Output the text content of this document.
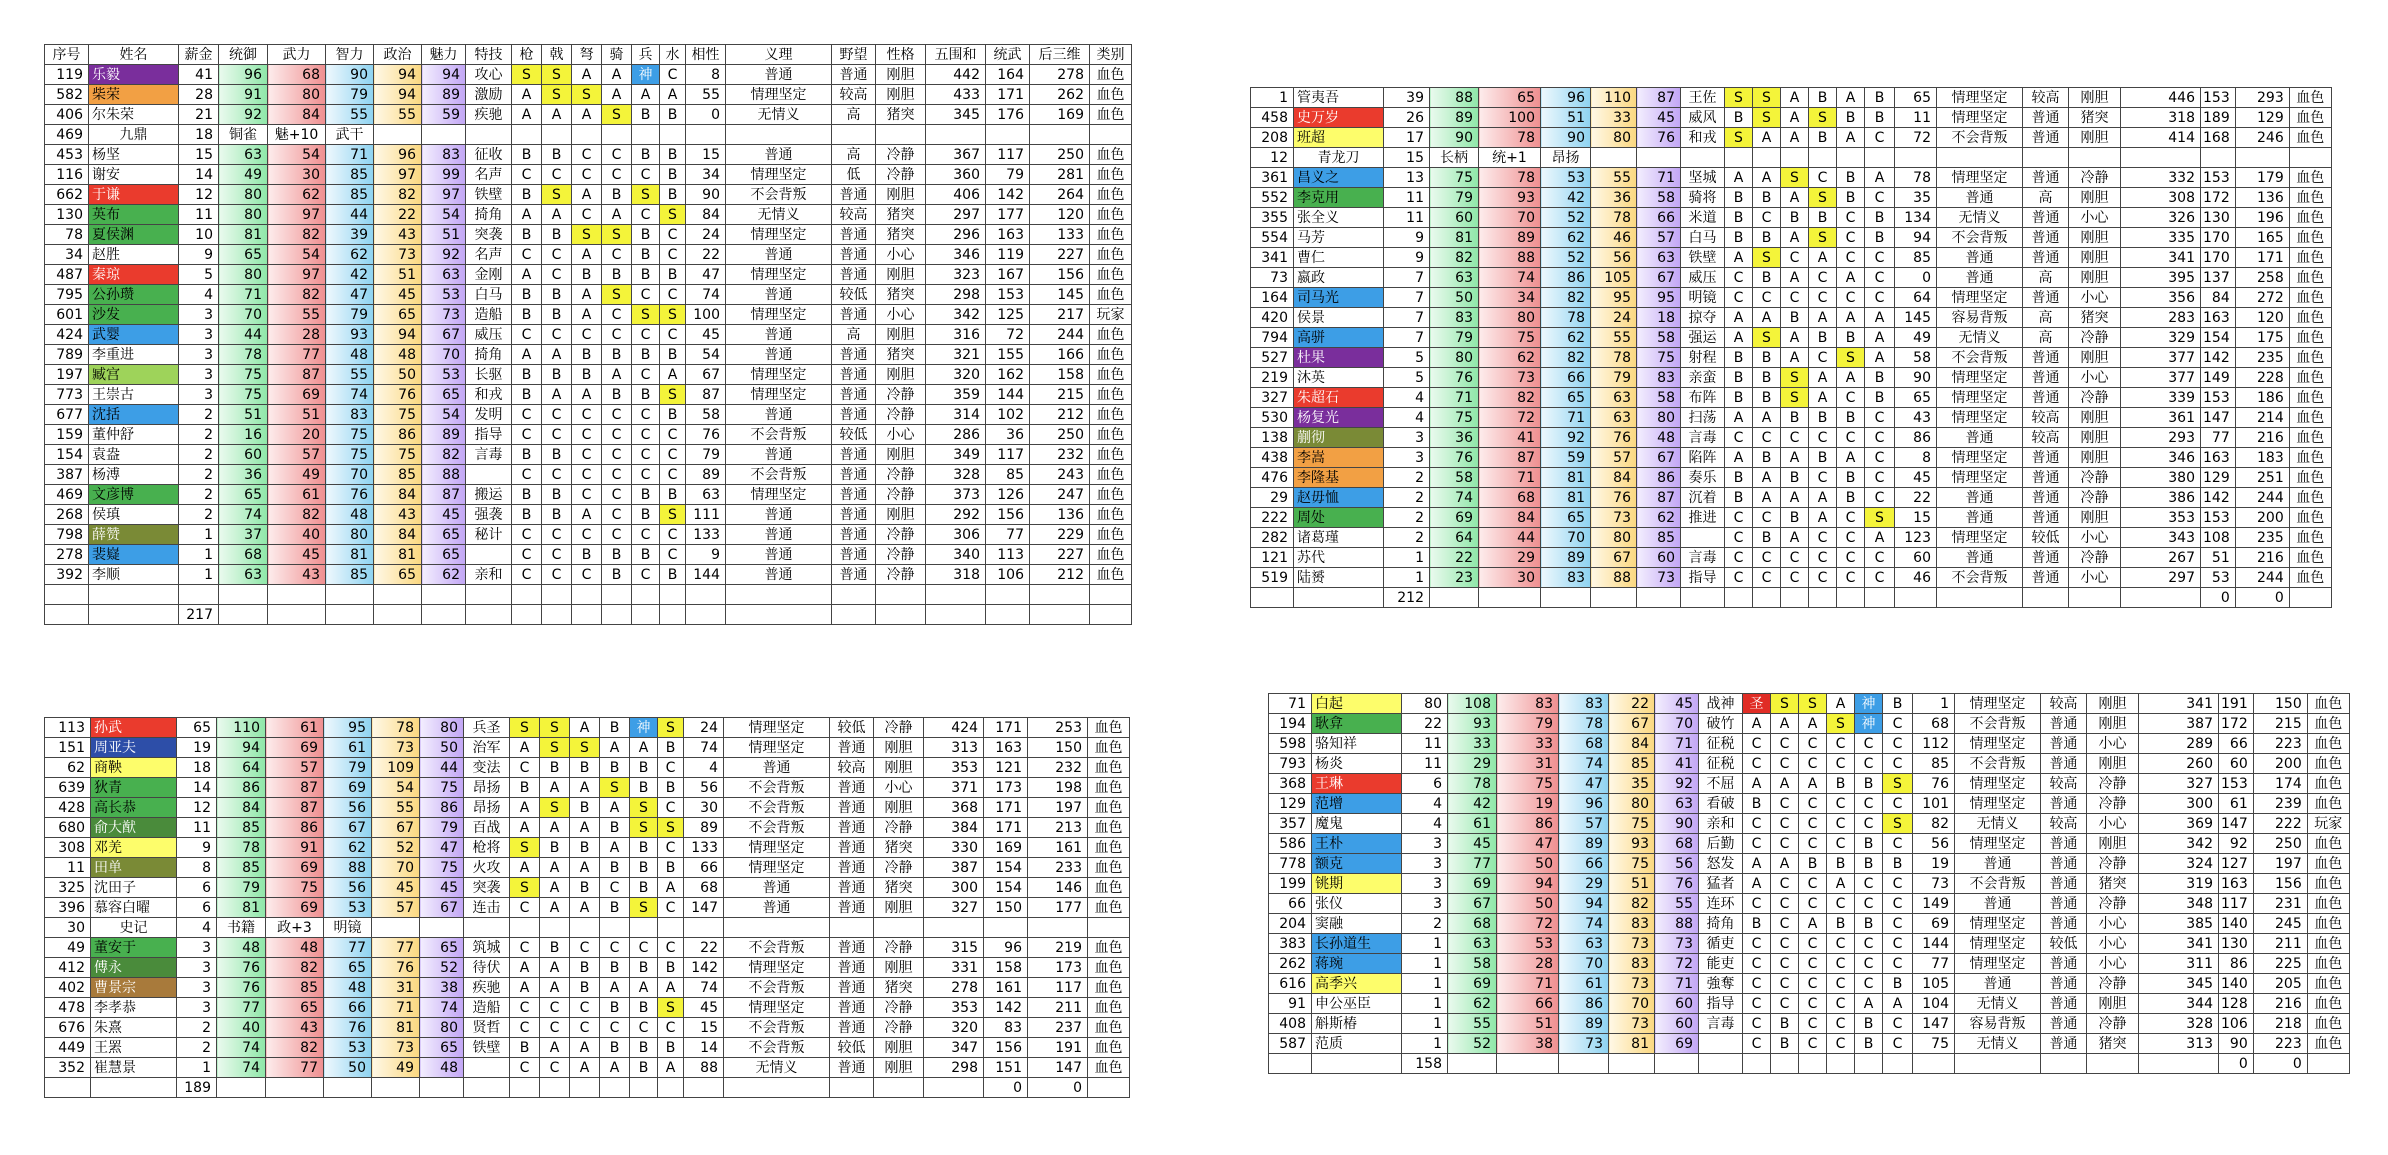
序号	姓名	薪金	统御	武力	智力	政治	魅力	特技	枪	戟	弩	骑	兵	水	相性	义理	野望	性格	五围和	统武	后三维	类别
119	乐毅	41	96	68	90	94	94	攻心	S	S	A	A	神	C	8	普通	普通	刚胆	442	164	278	血色
582	柴荣	28	91	80	79	94	89	激励	A	S	S	A	A	A	55	情理坚定	较高	刚胆	433	171	262	血色
406	尔朱荣	21	92	84	55	55	59	疾驰	A	A	A	S	B	B	0	无情义	高	猪突	345	176	169	血色
469	九鼎	18	铜雀	魅+10	武干																	
453	杨坚	15	63	54	71	96	83	征收	B	B	C	C	B	B	15	普通	高	冷静	367	117	250	血色
116	谢安	14	49	30	85	97	99	名声	C	C	C	C	C	B	34	情理坚定	低	冷静	360	79	281	血色
662	于谦	12	80	62	85	82	97	铁壁	B	S	A	B	S	B	90	不会背叛	普通	刚胆	406	142	264	血色
130	英布	11	80	97	44	22	54	掎角	A	A	C	A	C	S	84	无情义	较高	猪突	297	177	120	血色
78	夏侯渊	10	81	82	39	43	51	突袭	B	B	S	S	B	C	24	情理坚定	普通	猪突	296	163	133	血色
34	赵胜	9	65	54	62	73	92	名声	C	C	A	C	B	C	22	普通	普通	小心	346	119	227	血色
487	秦琼	5	80	97	42	51	63	金刚	A	C	B	B	B	B	47	情理坚定	普通	刚胆	323	167	156	血色
795	公孙瓒	4	71	82	47	45	53	白马	B	B	A	S	C	C	74	普通	较低	猪突	298	153	145	血色
601	沙发	3	70	55	79	65	73	造船	B	B	A	C	S	S	100	情理坚定	普通	小心	342	125	217	玩家
424	武婴	3	44	28	93	94	67	威压	C	C	C	C	C	C	45	普通	高	刚胆	316	72	244	血色
789	李重进	3	78	77	48	48	70	掎角	A	A	B	B	B	B	54	普通	普通	猪突	321	155	166	血色
197	臧宫	3	75	87	55	50	53	长驱	B	B	B	A	C	A	67	情理坚定	普通	刚胆	320	162	158	血色
773	王崇古	3	75	69	74	76	65	和戎	B	A	A	B	B	S	87	情理坚定	普通	冷静	359	144	215	血色
677	沈括	2	51	51	83	75	54	发明	C	C	C	C	C	B	58	普通	普通	冷静	314	102	212	血色
159	董仲舒	2	16	20	75	86	89	指导	C	C	C	C	C	C	76	不会背叛	较低	小心	286	36	250	血色
154	袁盎	2	60	57	75	75	82	言毒	B	B	C	C	C	C	79	普通	普通	刚胆	349	117	232	血色
387	杨溥	2	36	49	70	85	88		C	C	C	C	C	C	89	不会背叛	普通	冷静	328	85	243	血色
469	文彦博	2	65	61	76	84	87	搬运	B	B	C	C	B	B	63	情理坚定	普通	冷静	373	126	247	血色
268	侯瑱	2	74	82	48	43	45	强袭	B	B	A	C	B	S	111	普通	普通	刚胆	292	156	136	血色
798	薛赞	1	37	40	80	84	65	秘计	C	C	C	C	C	C	133	普通	普通	冷静	306	77	229	血色
278	裴嶷	1	68	45	81	81	65		C	C	B	B	B	C	9	普通	普通	冷静	340	113	227	血色
392	李顺	1	63	43	85	65	62	亲和	C	C	C	B	C	B	144	普通	普通	冷静	318	106	212	血色

		217																				
1	管夷吾	39	88	65	96	110	87	王佐	S	S	A	B	A	B	65	情理坚定	较高	刚胆	446	153	293	血色
458	史万岁	26	89	100	51	33	45	威风	B	S	A	S	B	B	11	情理坚定	普通	猪突	318	189	129	血色
208	班超	17	90	78	90	80	76	和戎	S	A	A	B	A	C	72	不会背叛	普通	刚胆	414	168	246	血色
12	青龙刀	15	长柄	统+1	昂扬																	
361	昌义之	13	75	78	53	55	71	坚城	A	A	S	C	B	A	78	情理坚定	普通	冷静	332	153	179	血色
552	李克用	11	79	93	42	36	58	骑将	B	B	A	S	B	C	35	普通	高	刚胆	308	172	136	血色
355	张全义	11	60	70	52	78	66	米道	B	C	B	B	C	B	134	无情义	普通	小心	326	130	196	血色
554	马芳	9	81	89	62	46	57	白马	B	B	A	S	C	B	94	不会背叛	普通	刚胆	335	170	165	血色
341	曹仁	9	82	88	52	56	63	铁壁	A	S	C	A	C	C	85	普通	普通	刚胆	341	170	171	血色
73	嬴政	7	63	74	86	105	67	威压	C	B	A	C	A	C	0	普通	高	刚胆	395	137	258	血色
164	司马光	7	50	34	82	95	95	明镜	C	C	C	C	C	C	64	情理坚定	普通	小心	356	84	272	血色
420	侯景	7	83	80	78	24	18	掠夺	A	A	B	A	A	A	145	容易背叛	高	猪突	283	163	120	血色
794	高骈	7	79	75	62	55	58	强运	A	S	A	B	B	A	49	无情义	高	冷静	329	154	175	血色
527	杜果	5	80	62	82	78	75	射程	B	B	A	C	S	A	58	不会背叛	普通	刚胆	377	142	235	血色
219	沐英	5	76	73	66	79	83	亲蛮	B	B	S	A	A	B	90	情理坚定	普通	小心	377	149	228	血色
327	朱超石	4	71	82	65	63	58	布阵	B	B	S	A	C	B	65	情理坚定	普通	冷静	339	153	186	血色
530	杨复光	4	75	72	71	63	80	扫荡	A	A	B	B	B	C	43	情理坚定	较高	刚胆	361	147	214	血色
138	蒯彻	3	36	41	92	76	48	言毒	C	C	C	C	C	C	86	普通	较高	刚胆	293	77	216	血色
438	李嵩	3	76	87	59	57	67	陷阵	A	B	A	B	A	C	8	情理坚定	普通	刚胆	346	163	183	血色
476	李隆基	2	58	71	81	84	86	奏乐	B	A	B	C	B	C	45	情理坚定	普通	冷静	380	129	251	血色
29	赵毋恤	2	74	68	81	76	87	沉着	B	A	A	A	B	C	22	普通	普通	冷静	386	142	244	血色
222	周处	2	69	84	65	73	62	推进	C	C	B	A	C	S	15	普通	普通	刚胆	353	153	200	血色
282	诸葛瑾	2	64	44	70	80	85		C	B	A	C	C	A	123	情理坚定	较低	小心	343	108	235	血色
121	苏代	1	22	29	89	67	60	言毒	C	C	C	C	C	C	60	普通	普通	冷静	267	51	216	血色
519	陆赟	1	23	30	83	88	73	指导	C	C	C	C	C	C	46	不会背叛	普通	小心	297	53	244	血色
		212																		0	0	
113	孙武	65	110	61	95	78	80	兵圣	S	S	A	B	神	S	24	情理坚定	较低	冷静	424	171	253	血色
151	周亚夫	19	94	69	61	73	50	治军	A	S	S	A	A	B	74	情理坚定	普通	刚胆	313	163	150	血色
62	商鞅	18	64	57	79	109	44	变法	C	B	B	B	B	C	4	普通	较高	刚胆	353	121	232	血色
639	狄青	14	86	87	69	54	75	昂扬	B	A	A	S	B	B	56	不会背叛	普通	小心	371	173	198	血色
428	高长恭	12	84	87	56	55	86	昂扬	A	S	B	A	S	C	30	不会背叛	普通	刚胆	368	171	197	血色
680	俞大猷	11	85	86	67	67	79	百战	A	A	A	B	S	S	89	不会背叛	普通	冷静	384	171	213	血色
308	邓羌	9	78	91	62	52	47	枪将	S	B	B	A	B	C	133	情理坚定	普通	猪突	330	169	161	血色
11	田单	8	85	69	88	70	75	火攻	A	A	A	B	B	B	66	情理坚定	普通	冷静	387	154	233	血色
325	沈田子	6	79	75	56	45	45	突袭	S	A	B	C	B	A	68	普通	普通	猪突	300	154	146	血色
396	慕容白曜	6	81	69	53	57	67	连击	C	A	A	B	S	C	147	普通	普通	刚胆	327	150	177	血色
30	史记	4	书籍	政+3	明镜																	
49	董安于	3	48	48	77	77	65	筑城	C	B	C	C	C	C	22	不会背叛	普通	冷静	315	96	219	血色
412	傅永	3	76	82	65	76	52	待伏	A	A	B	B	B	B	142	情理坚定	普通	刚胆	331	158	173	血色
402	曹景宗	3	76	85	48	31	38	疾驰	A	A	B	A	A	A	74	不会背叛	普通	猪突	278	161	117	血色
478	李孝恭	3	77	65	66	71	74	造船	C	C	C	B	B	S	45	情理坚定	普通	冷静	353	142	211	血色
676	朱熹	2	40	43	76	81	80	贤哲	C	C	C	C	C	C	15	不会背叛	普通	冷静	320	83	237	血色
449	王罴	2	74	82	53	73	65	铁壁	B	A	A	B	B	B	14	不会背叛	较低	刚胆	347	156	191	血色
352	崔慧景	1	74	77	50	49	48		C	C	A	A	B	A	88	无情义	普通	刚胆	298	151	147	血色
		189																		0	0	
71	白起	80	108	83	83	22	45	战神	圣	S	S	A	神	B	1	情理坚定	较高	刚胆	341	191	150	血色
194	耿弇	22	93	79	78	67	70	破竹	A	A	A	S	神	C	68	不会背叛	普通	刚胆	387	172	215	血色
598	骆知祥	11	33	33	68	84	71	征税	C	C	C	C	C	C	112	情理坚定	普通	小心	289	66	223	血色
793	杨炎	11	29	31	74	85	41	征税	C	C	C	C	C	C	85	不会背叛	普通	刚胆	260	60	200	血色
368	王琳	6	78	75	47	35	92	不屈	A	A	A	B	B	S	76	情理坚定	较高	冷静	327	153	174	血色
129	范增	4	42	19	96	80	63	看破	B	C	C	C	C	C	101	情理坚定	普通	冷静	300	61	239	血色
357	魔鬼	4	61	86	57	75	90	亲和	C	C	C	C	C	S	82	无情义	较高	小心	369	147	222	玩家
586	王朴	3	45	47	89	93	68	后勤	C	C	C	C	B	C	56	情理坚定	普通	刚胆	342	92	250	血色
778	额克	3	77	50	66	75	56	怒发	A	A	B	B	B	B	19	普通	普通	冷静	324	127	197	血色
199	铫期	3	69	94	29	51	76	猛者	A	C	C	A	C	C	73	不会背叛	普通	猪突	319	163	156	血色
66	张仪	3	67	50	94	82	55	连环	C	C	C	C	C	C	149	普通	普通	冷静	348	117	231	血色
204	窦融	2	68	72	74	83	88	掎角	B	C	A	B	B	C	69	情理坚定	普通	小心	385	140	245	血色
383	长孙道生	1	63	53	63	73	73	循吏	C	C	C	C	C	C	144	情理坚定	较低	小心	341	130	211	血色
262	蒋琬	1	58	28	70	83	72	能吏	C	C	C	C	C	C	77	情理坚定	普通	小心	311	86	225	血色
616	高季兴	1	69	71	61	73	71	強奪	C	C	C	C	C	B	105	普通	普通	冷静	345	140	205	血色
91	申公巫臣	1	62	66	86	70	60	指导	C	C	C	C	A	A	104	无情义	普通	刚胆	344	128	216	血色
408	斛斯椿	1	55	51	89	73	60	言毒	C	B	C	C	B	C	147	容易背叛	普通	冷静	328	106	218	血色
587	范质	1	52	38	73	81	69		C	B	C	C	B	C	75	无情义	普通	猪突	313	90	223	血色
		158																		0	0	
